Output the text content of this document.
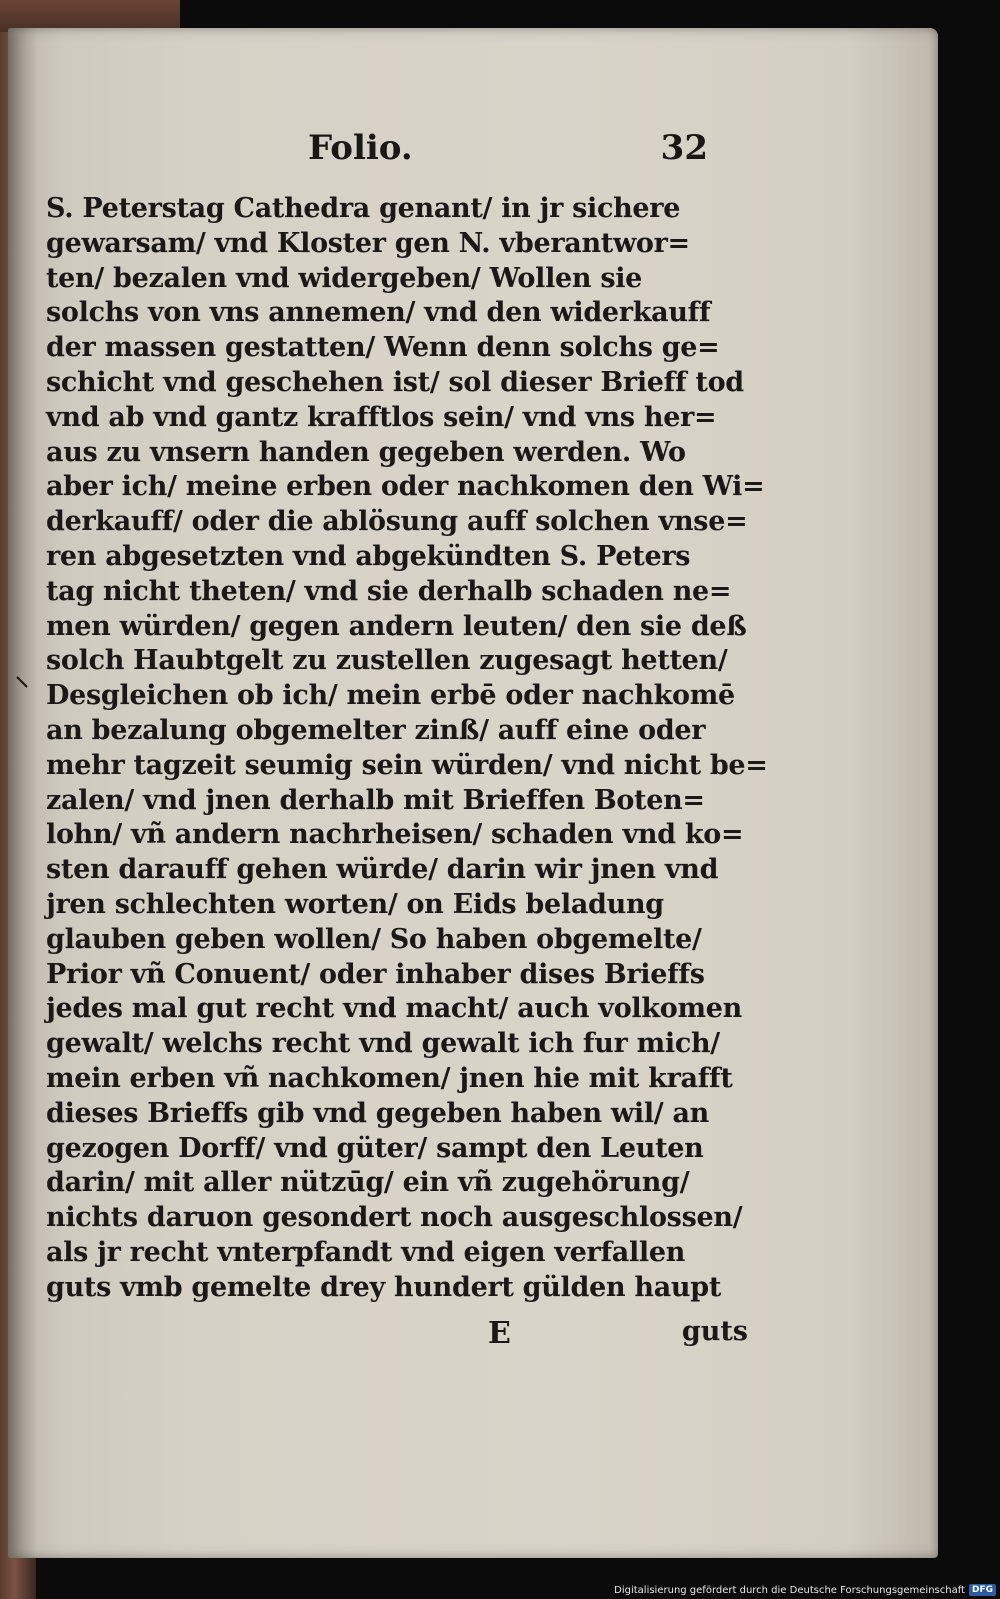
Folio.	32
S. Peterstag Cathedra genant/ in jr sichere
gewarsam/ vnd Kloster gen N. vberantwor=
ten/ bezalen vnd widergeben/ Wollen sie
solchs von vns annemen/ vnd den widerkauff
der massen gestatten/ Wenn denn solchs ge=
schicht vnd geschehen ist/ sol dieser Brieff tod
vnd ab vnd gantz krafftlos sein/ vnd vns her=
aus zu vnsern handen gegeben werden. Wo
aber ich/ meine erben oder nachkomen den Wi=
derkauff/ oder die ablösung auff solchen vnse=
ren abgesetzten vnd abgekündten S. Peters
tag nicht theten/ vnd sie derhalb schaden ne=
men würden/ gegen andern leuten/ den sie deß
solch Haubtgelt zu zustellen zugesagt hetten/
Desgleichen ob ich/ mein erbē oder nachkomē
an bezalung obgemelter zinß/ auff eine oder
mehr tagzeit seumig sein würden/ vnd nicht be=
zalen/ vnd jnen derhalb mit Brieffen Boten=
lohn/ vñ andern nachrheisen/ schaden vnd ko=
sten darauff gehen würde/ darin wir jnen vnd
jren schlechten worten/ on Eids beladung
glauben geben wollen/ So haben obgemelte/
Prior vñ Conuent/ oder inhaber dises Brieffs
jedes mal gut recht vnd macht/ auch volkomen
gewalt/ welchs recht vnd gewalt ich fur mich/
mein erben vñ nachkomen/ jnen hie mit krafft
dieses Brieffs gib vnd gegeben haben wil/ an
gezogen Dorff/ vnd güter/ sampt den Leuten
darin/ mit aller nützūg/ ein vñ zugehörung/
nichts daruon gesondert noch ausgeschlossen/
als jr recht vnterpfandt vnd eigen verfallen
guts vmb gemelte drey hundert gülden haupt
E	guts
Digitalisierung gefördert durch die Deutsche Forschungsgemeinschaft DFG
